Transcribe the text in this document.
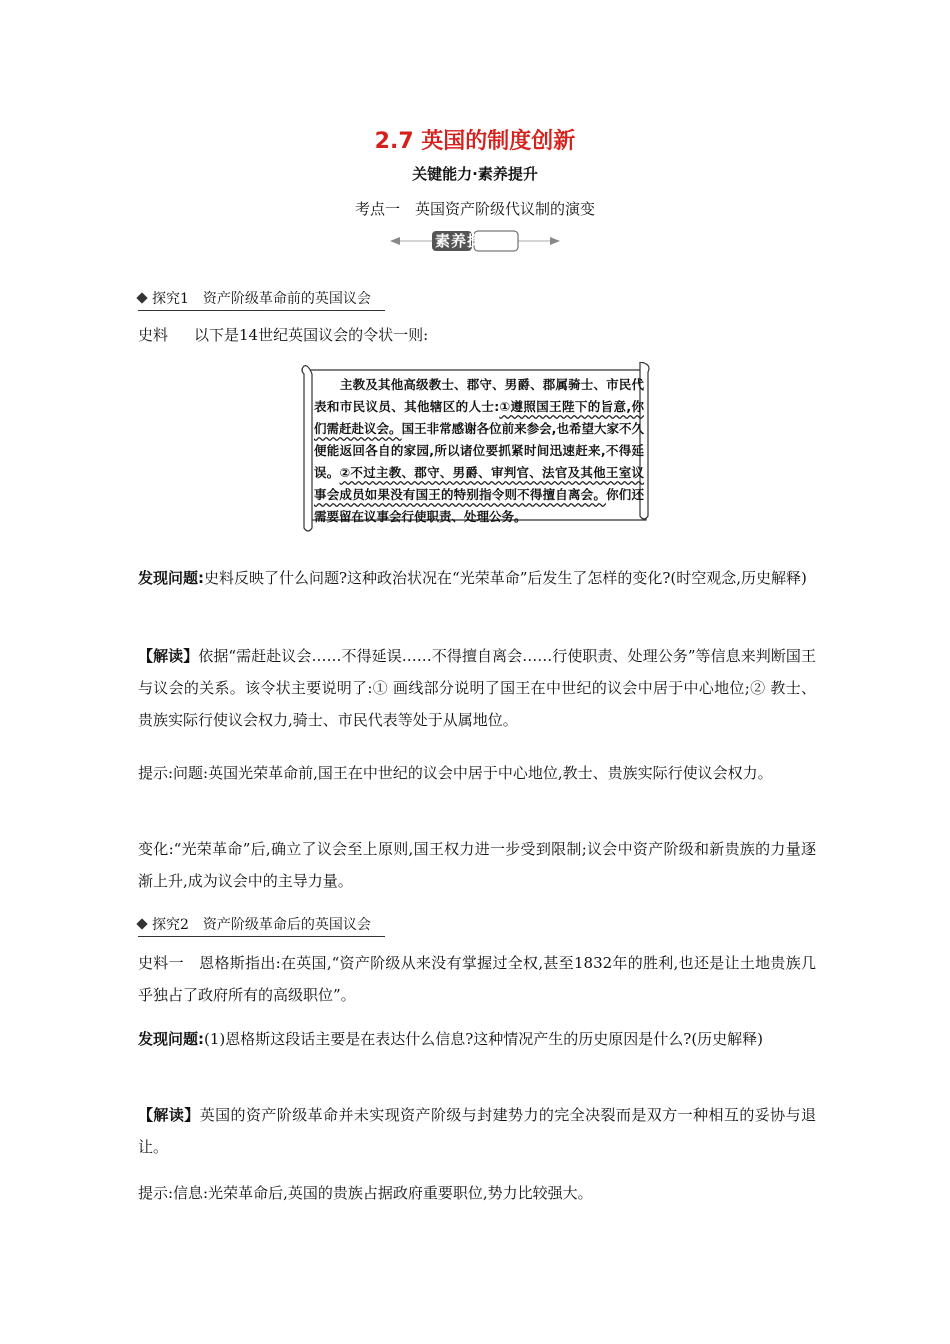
2.7 英国的制度创新
关键能力·素养提升
考点一　英国资产阶级代议制的演变
素养探究
探究1　资产阶级革命前的英国议会
史料 以下是14世纪英国议会的令状一则:
主教及其他高级教士、郡守、男爵、郡属骑士、市民代表和市民议员、其他辖区的人士:①遵照国王陛下的旨意,你们需赶赴议会。国王非常感谢各位前来参会,也希望大家不久便能返回各自的家园,所以诸位要抓紧时间迅速赶来,不得延误。②不过主教、郡守、男爵、审判官、法官及其他王室议事会成员如果没有国王的特别指令则不得擅自离会。你们还需要留在议事会行使职责、处理公务。
发现问题:史料反映了什么问题?这种政治状况在“光荣革命”后发生了怎样的变化?(时空观念,历史解释)
【解读】依据“需赶赴议会……不得延误……不得擅自离会……行使职责、处理公务”等信息来判断国王与议会的关系。该令状主要说明了:① 画线部分说明了国王在中世纪的议会中居于中心地位;② 教士、贵族实际行使议会权力,骑士、市民代表等处于从属地位。
提示:问题:英国光荣革命前,国王在中世纪的议会中居于中心地位,教士、贵族实际行使议会权力。
变化:“光荣革命”后,确立了议会至上原则,国王权力进一步受到限制;议会中资产阶级和新贵族的力量逐渐上升,成为议会中的主导力量。
探究2　资产阶级革命后的英国议会
史料一　恩格斯指出:在英国,“资产阶级从来没有掌握过全权,甚至1832年的胜利,也还是让土地贵族几乎独占了政府所有的高级职位”。
发现问题:(1)恩格斯这段话主要是在表达什么信息?这种情况产生的历史原因是什么?(历史解释)
【解读】英国的资产阶级革命并未实现资产阶级与封建势力的完全决裂而是双方一种相互的妥协与退让。
提示:信息:光荣革命后,英国的贵族占据政府重要职位,势力比较强大。
